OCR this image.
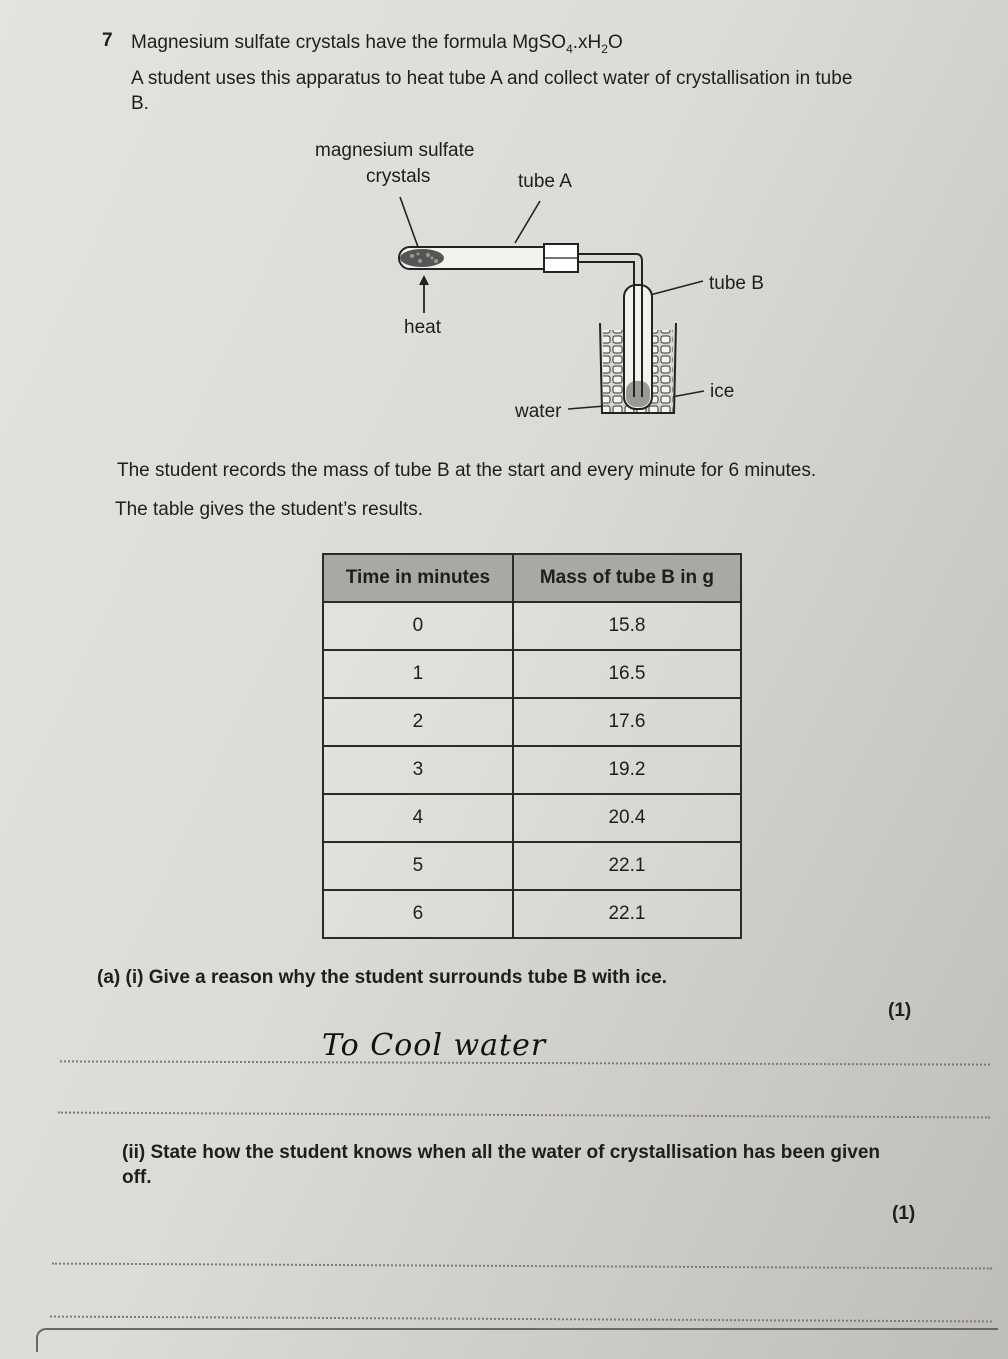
7 Magnesium sulfate crystals have the formula $MgSO_4.xH_2O$
A student uses this apparatus to heat tube A and collect water of crystallisation in tube B.
magnesium sulfate
crystals	tube A
tube B
heat
ice
water
The student records the mass of tube B at the start and every minute for 6 minutes.
The table gives the student’s results.
Time in minutes	Mass of tube B in g
0	15.8
1	16.5
2	17.6
3	19.2
4	20.4
5	22.1
6	22.1
(a) (i) Give a reason why the student surrounds tube B with ice.
(1)
To Cool water
(ii) State how the student knows when all the water of crystallisation has been given off.
(1)
